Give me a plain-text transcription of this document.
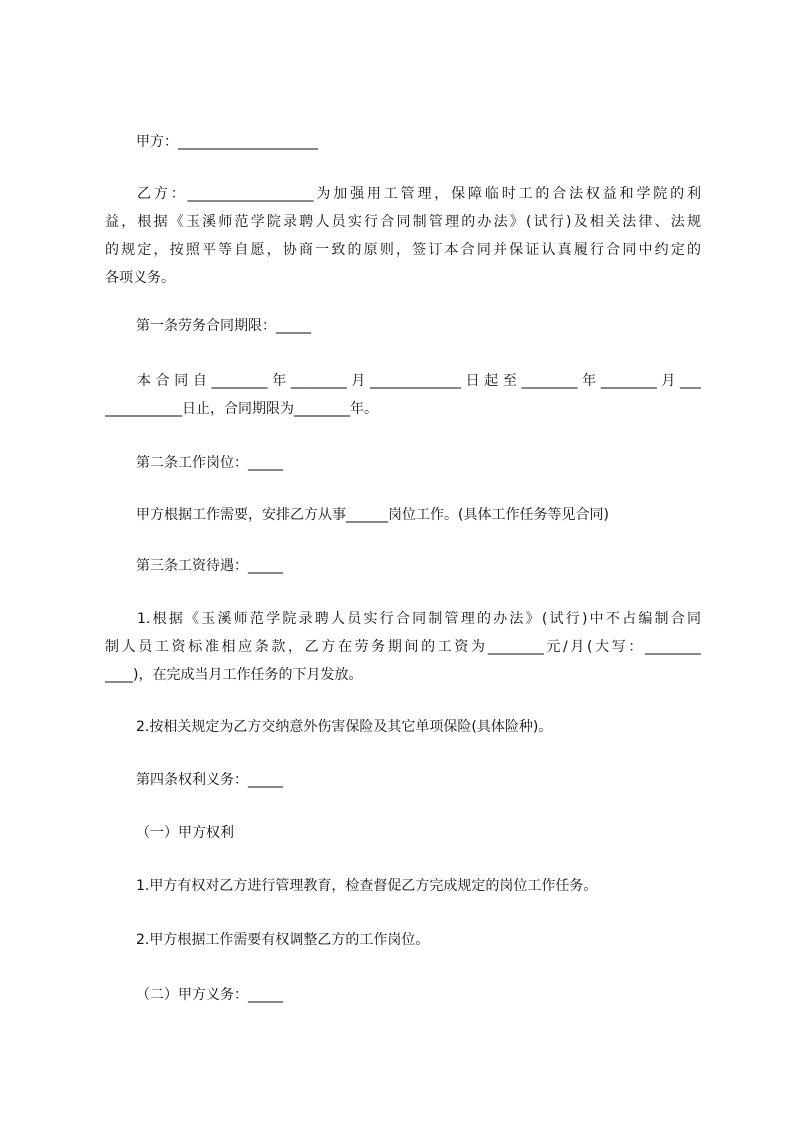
甲方：____________________

乙方：__________________为加强用工管理，保障临时工的合法权益和学院的利
益，根据《玉溪师范学院录聘人员实行合同制管理的办法》(试行)及相关法律、法规
的规定，按照平等自愿，协商一致的原则，签订本合同并保证认真履行合同中约定的
各项义务。

第一条劳务合同期限：_____

本合同自________年________月_____________日起至________年________月___
___________日止，合同期限为________年。

第二条工作岗位：_____

甲方根据工作需要，安排乙方从事______岗位工作。(具体工作任务等见合同)

第三条工资待遇：_____

1.根据《玉溪师范学院录聘人员实行合同制管理的办法》(试行)中不占编制合同
制人员工资标准相应条款，乙方在劳务期间的工资为________元/月(大写：________
____)，在完成当月工作任务的下月发放。

2.按相关规定为乙方交纳意外伤害保险及其它单项保险(具体险种)。

第四条权利义务：_____

（一）甲方权利

1.甲方有权对乙方进行管理教育，检查督促乙方完成规定的岗位工作任务。

2.甲方根据工作需要有权调整乙方的工作岗位。

（二）甲方义务：_____
